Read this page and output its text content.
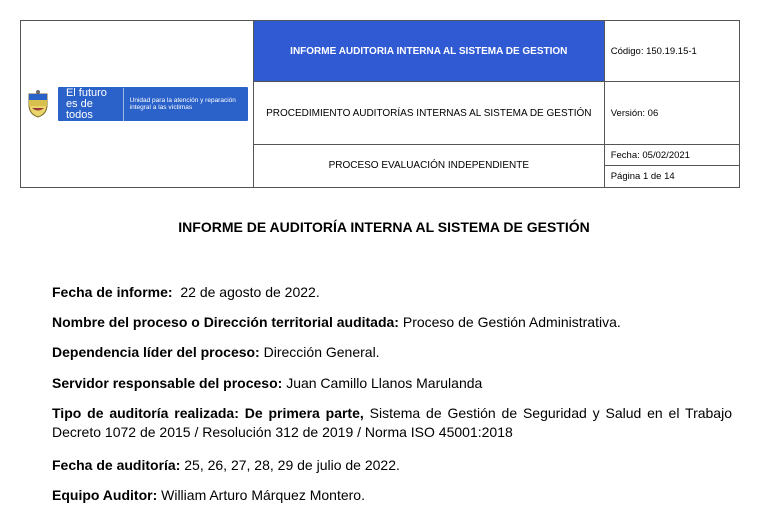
El futuro es de todos
Unidad para la atención y reparación integral a las víctimas	INFORME AUDITORIA INTERNA AL SISTEMA DE GESTION	Código: 150.19.15-1
	PROCEDIMIENTO AUDITORÍAS INTERNAS AL SISTEMA DE GESTIÓN	Versión: 06
	PROCESO EVALUACIÓN INDEPENDIENTE	Fecha: 05/02/2021
Página 1 de 14
INFORME DE AUDITORÍA INTERNA AL SISTEMA DE GESTIÓN
Fecha de informe: 22 de agosto de 2022.
Nombre del proceso o Dirección territorial auditada: Proceso de Gestión Administrativa.
Dependencia líder del proceso: Dirección General.
Servidor responsable del proceso: Juan Camillo Llanos Marulanda
Tipo de auditoría realizada: De primera parte, Sistema de Gestión de Seguridad y Salud en el Trabajo Decreto 1072 de 2015 / Resolución 312 de 2019 / Norma ISO 45001:2018
Fecha de auditoría: 25, 26, 27, 28, 29 de julio de 2022.
Equipo Auditor: William Arturo Márquez Montero.
